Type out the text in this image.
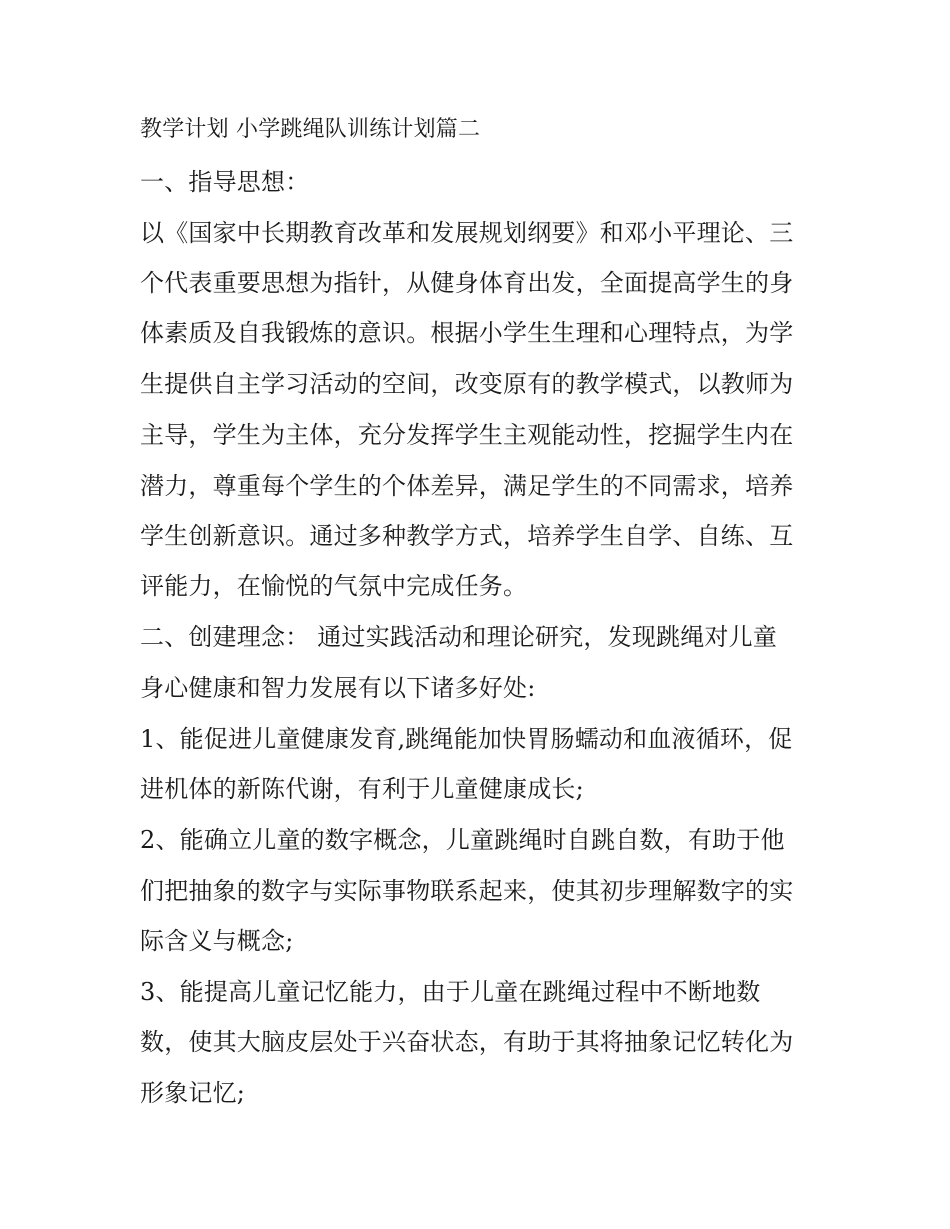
教学计划 小学跳绳队训练计划篇二

一、指导思想：

以《国家中长期教育改革和发展规划纲要》和邓小平理论、三

个代表重要思想为指针，从健身体育出发，全面提高学生的身

体素质及自我锻炼的意识。根据小学生生理和心理特点，为学

生提供自主学习活动的空间，改变原有的教学模式，以教师为

主导，学生为主体，充分发挥学生主观能动性，挖掘学生内在

潜力，尊重每个学生的个体差异，满足学生的不同需求，培养

学生创新意识。通过多种教学方式，培养学生自学、自练、互

评能力，在愉悦的气氛中完成任务。

二、创建理念： 通过实践活动和理论研究，发现跳绳对儿童

身心健康和智力发展有以下诸多好处:

1、能促进儿童健康发育,跳绳能加快胃肠蠕动和血液循环，促

进机体的新陈代谢，有利于儿童健康成长;

2、能确立儿童的数字概念，儿童跳绳时自跳自数，有助于他

们把抽象的数字与实际事物联系起来，使其初步理解数字的实

际含义与概念;

3、能提高儿童记忆能力，由于儿童在跳绳过程中不断地数

数，使其大脑皮层处于兴奋状态，有助于其将抽象记忆转化为

形象记忆;
